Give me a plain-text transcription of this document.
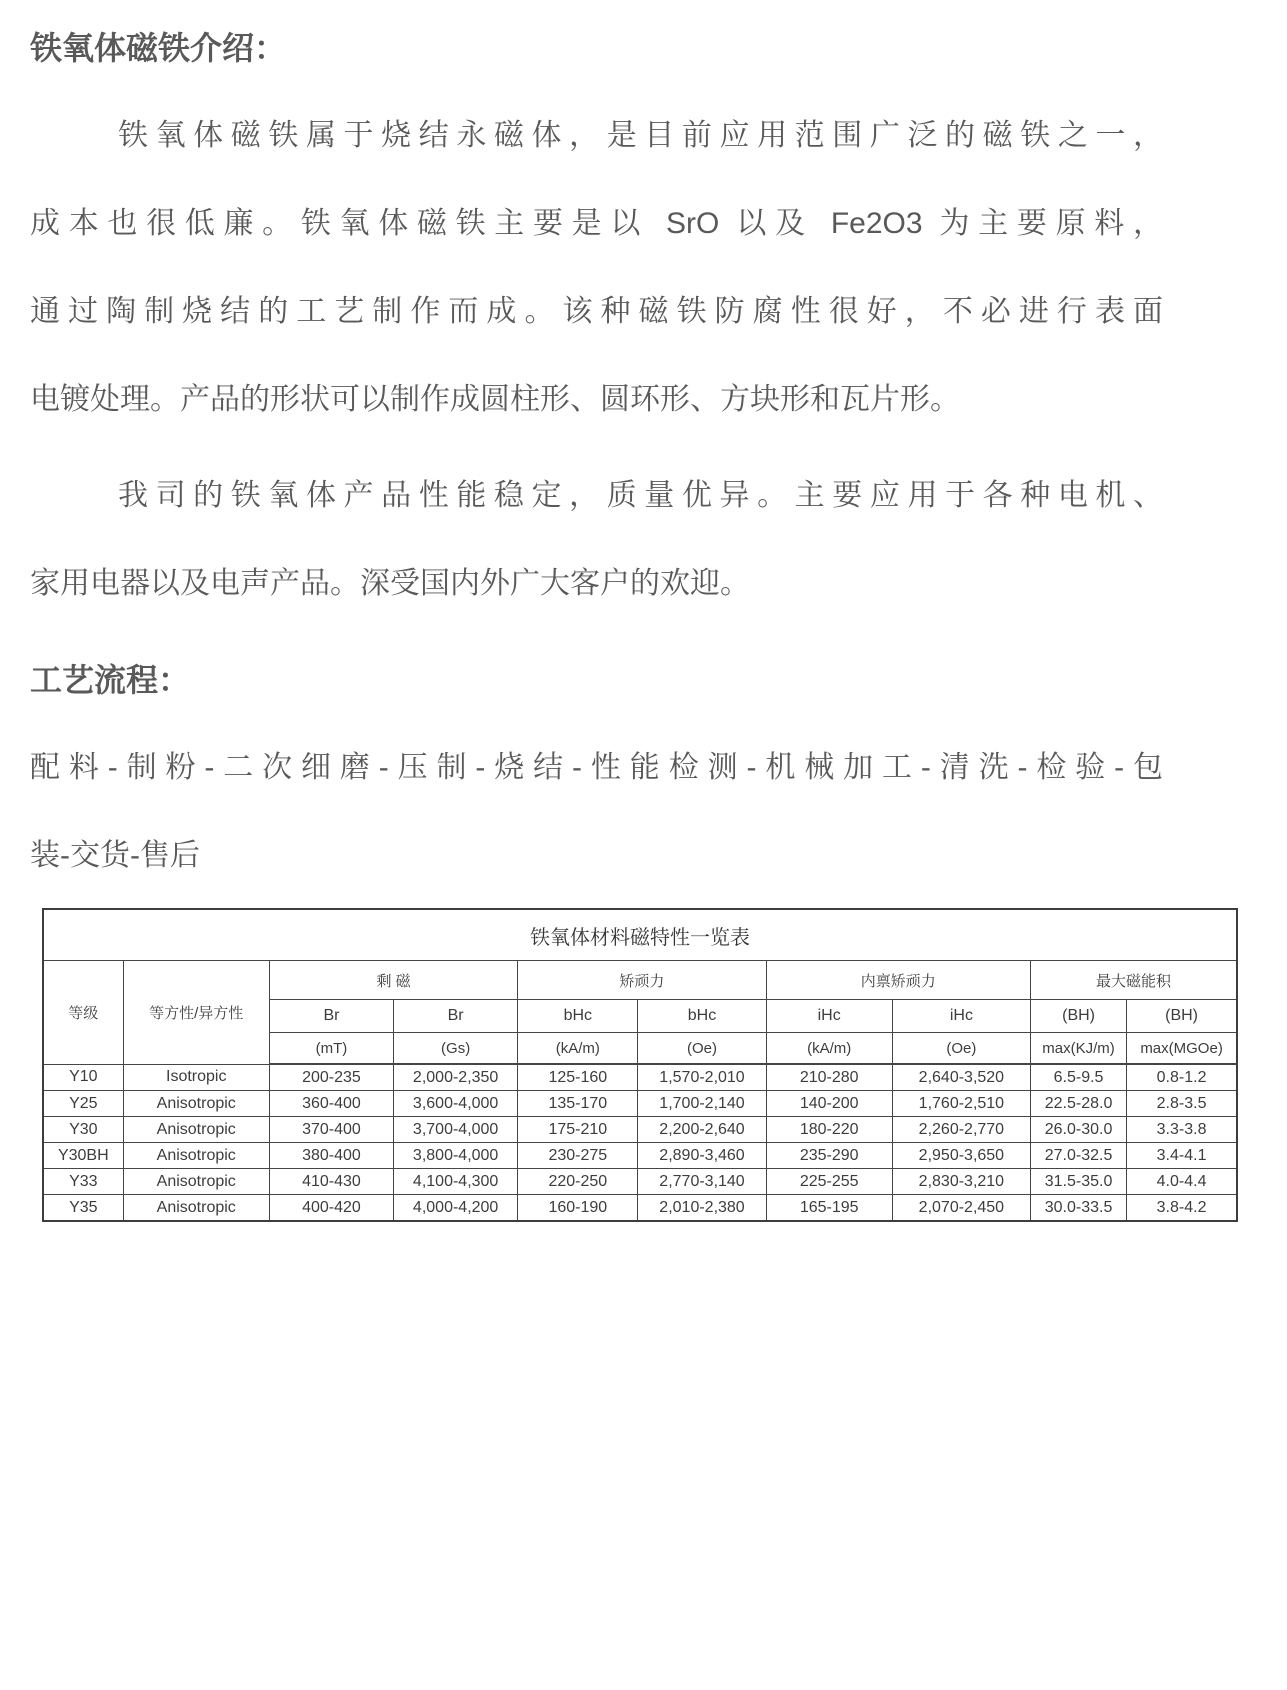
铁氧体磁铁介绍：
铁氧体磁铁属于烧结永磁体，是目前应用范围广泛的磁铁之一，
成本也很低廉。铁氧体磁铁主要是以 SrO 以及 Fe2O3 为主要原料，
通过陶制烧结的工艺制作而成。该种磁铁防腐性很好，不必进行表面
电镀处理。产品的形状可以制作成圆柱形、圆环形、方块形和瓦片形。
我司的铁氧体产品性能稳定，质量优异。主要应用于各种电机、
家用电器以及电声产品。深受国内外广大客户的欢迎。
工艺流程：
配料-制粉-二次细磨-压制-烧结-性能检测-机械加工-清洗-检验-包
装-交货-售后
铁氧体材料磁特性一览表									
等级	等方性/异方性	剩 磁		矫顽力		内禀矫顽力		最大磁能积	
		Br	Br	bHc	bHc	iHc	iHc	(BH)	(BH)
		(mT)	(Gs)	(kA/m)	(Oe)	(kA/m)	(Oe)	max(KJ/m)	max(MGOe)
Y10	Isotropic	200-235	2,000-2,350	125-160	1,570-2,010	210-280	2,640-3,520	6.5-9.5	0.8-1.2
Y25	Anisotropic	360-400	3,600-4,000	135-170	1,700-2,140	140-200	1,760-2,510	22.5-28.0	2.8-3.5
Y30	Anisotropic	370-400	3,700-4,000	175-210	2,200-2,640	180-220	2,260-2,770	26.0-30.0	3.3-3.8
Y30BH	Anisotropic	380-400	3,800-4,000	230-275	2,890-3,460	235-290	2,950-3,650	27.0-32.5	3.4-4.1
Y33	Anisotropic	410-430	4,100-4,300	220-250	2,770-3,140	225-255	2,830-3,210	31.5-35.0	4.0-4.4
Y35	Anisotropic	400-420	4,000-4,200	160-190	2,010-2,380	165-195	2,070-2,450	30.0-33.5	3.8-4.2
